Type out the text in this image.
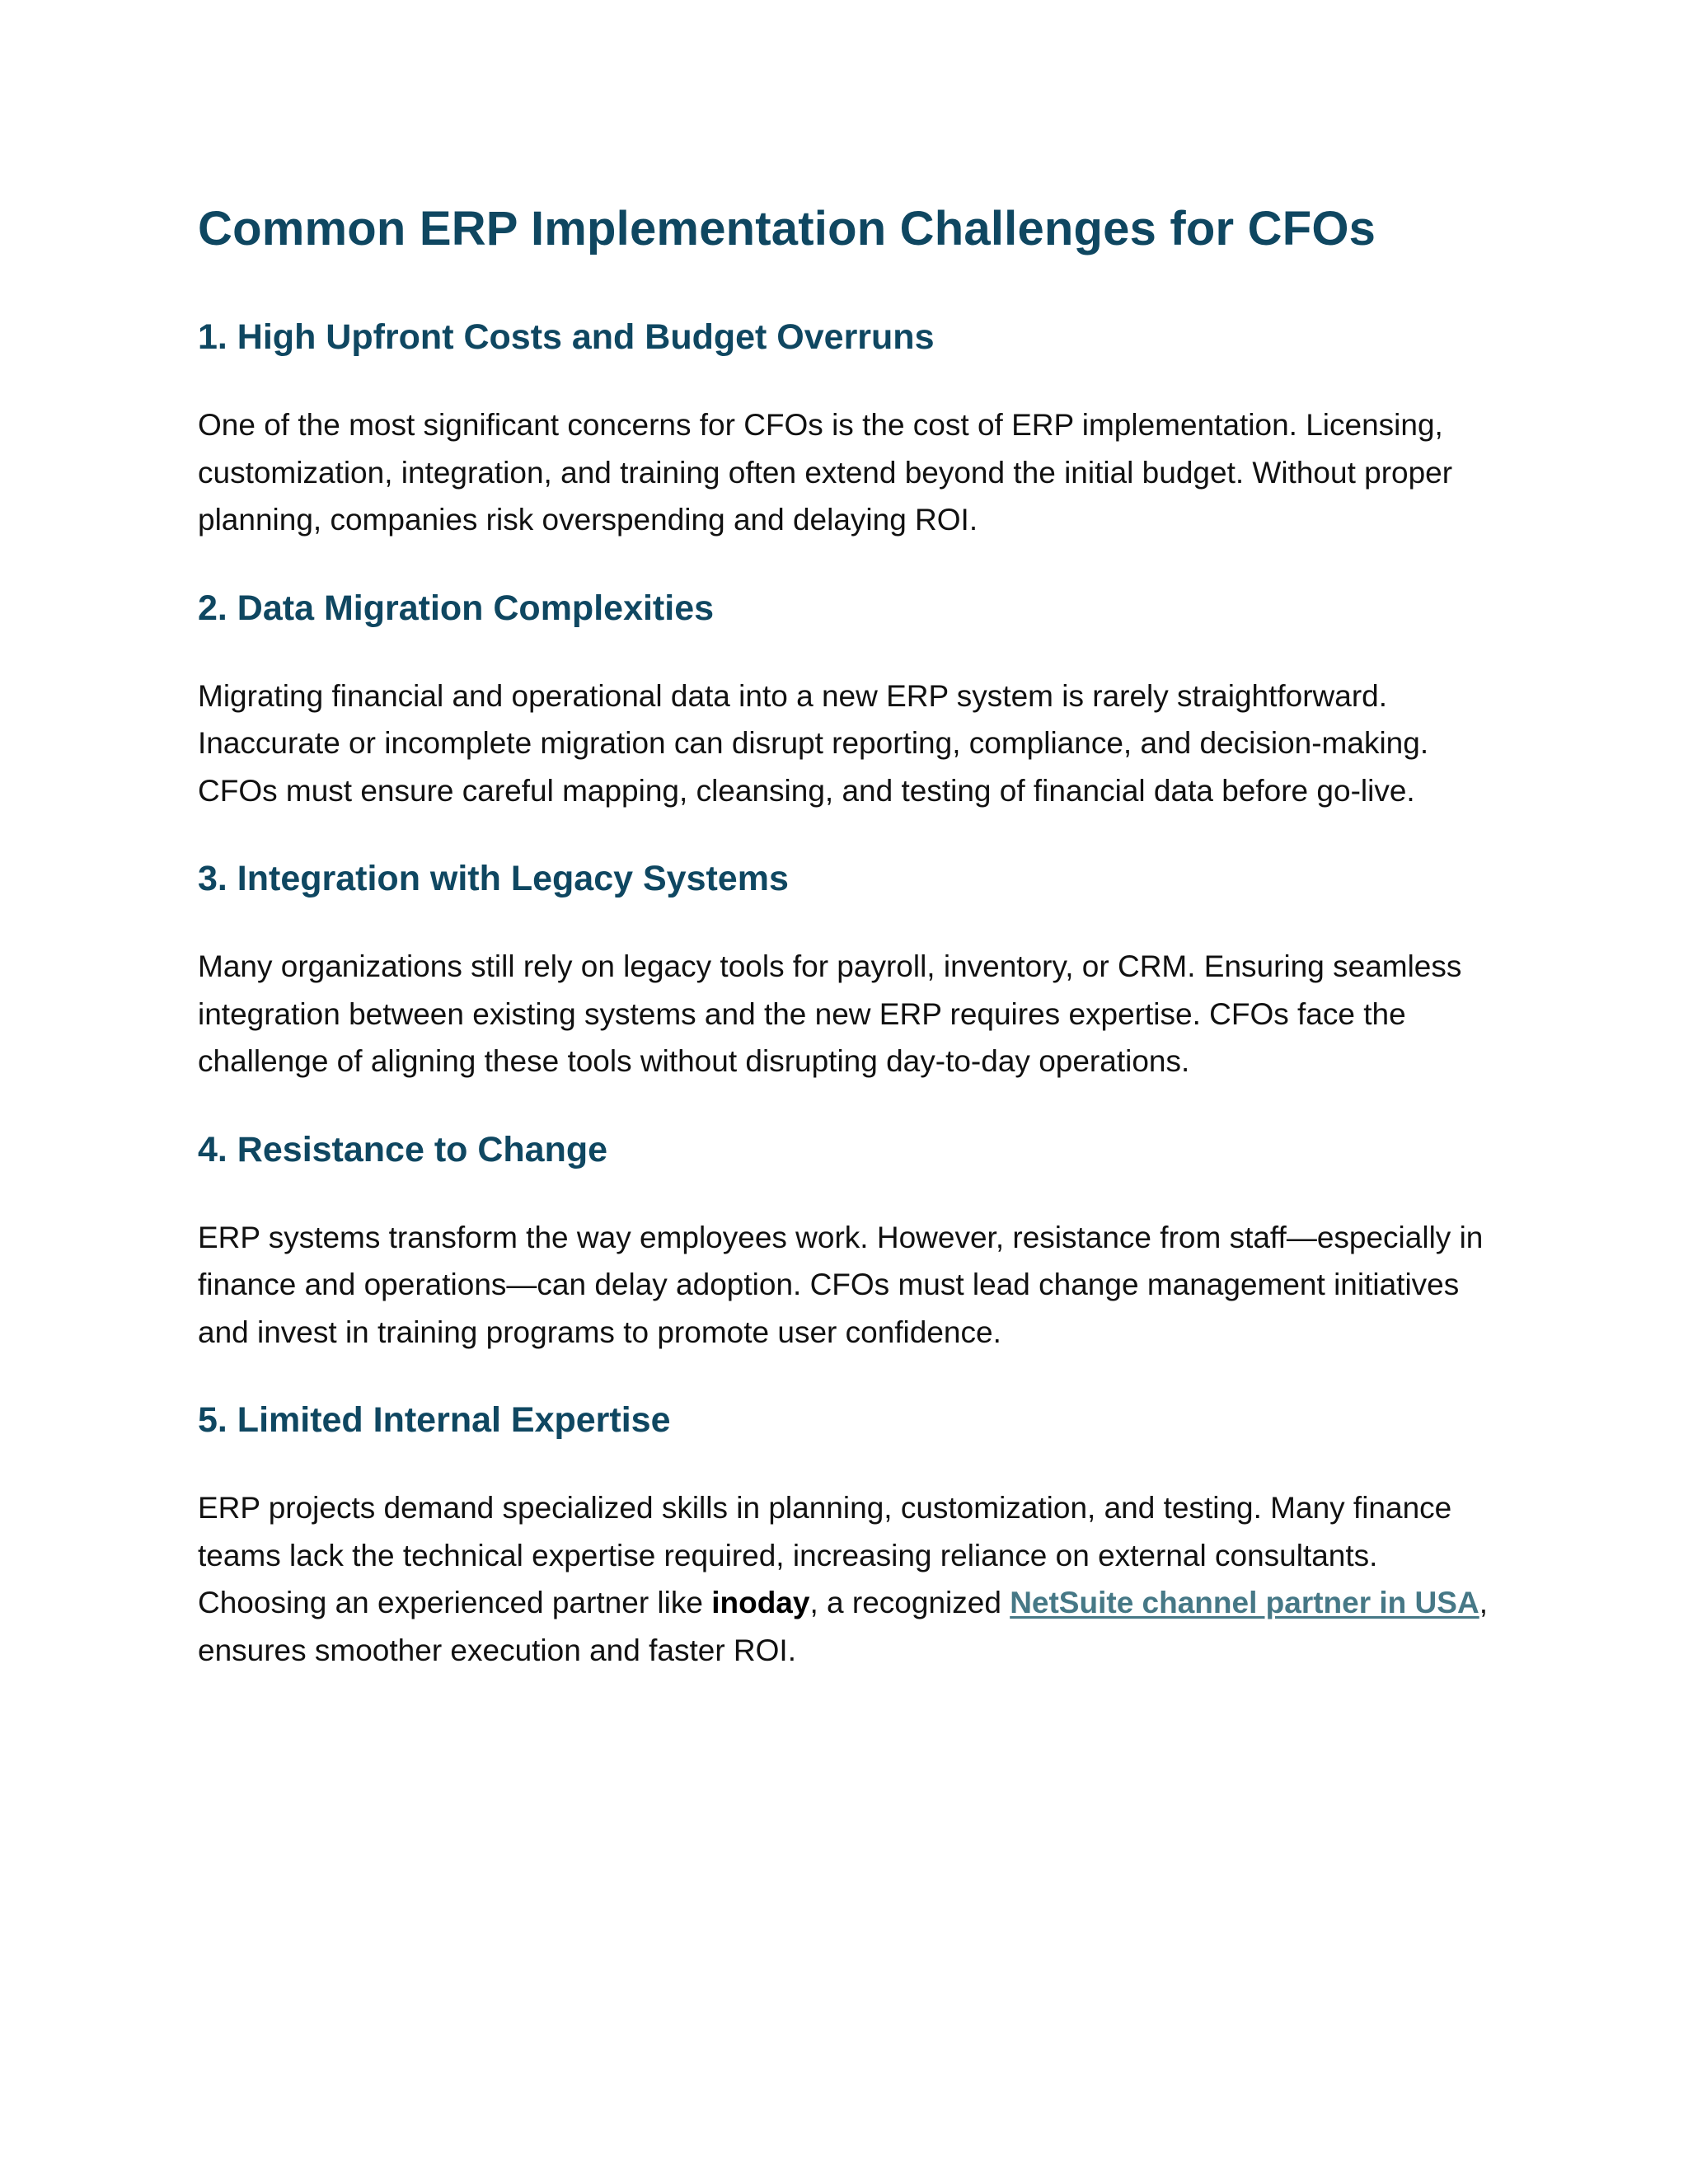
Common ERP Implementation Challenges for CFOs
1. High Upfront Costs and Budget Overruns

One of the most significant concerns for CFOs is the cost of ERP implementation. Licensing, customization, integration, and training often extend beyond the initial budget. Without proper planning, companies risk overspending and delaying ROI.

2. Data Migration Complexities

Migrating financial and operational data into a new ERP system is rarely straightforward. Inaccurate or incomplete migration can disrupt reporting, compliance, and decision-making. CFOs must ensure careful mapping, cleansing, and testing of financial data before go-live.

3. Integration with Legacy Systems

Many organizations still rely on legacy tools for payroll, inventory, or CRM. Ensuring seamless integration between existing systems and the new ERP requires expertise. CFOs face the challenge of aligning these tools without disrupting day-to-day operations.

4. Resistance to Change

ERP systems transform the way employees work. However, resistance from staff—especially in finance and operations—can delay adoption. CFOs must lead change management initiatives and invest in training programs to promote user confidence.

5. Limited Internal Expertise

ERP projects demand specialized skills in planning, customization, and testing. Many finance teams lack the technical expertise required, increasing reliance on external consultants. Choosing an experienced partner like inoday, a recognized NetSuite channel partner in USA, ensures smoother execution and faster ROI.
